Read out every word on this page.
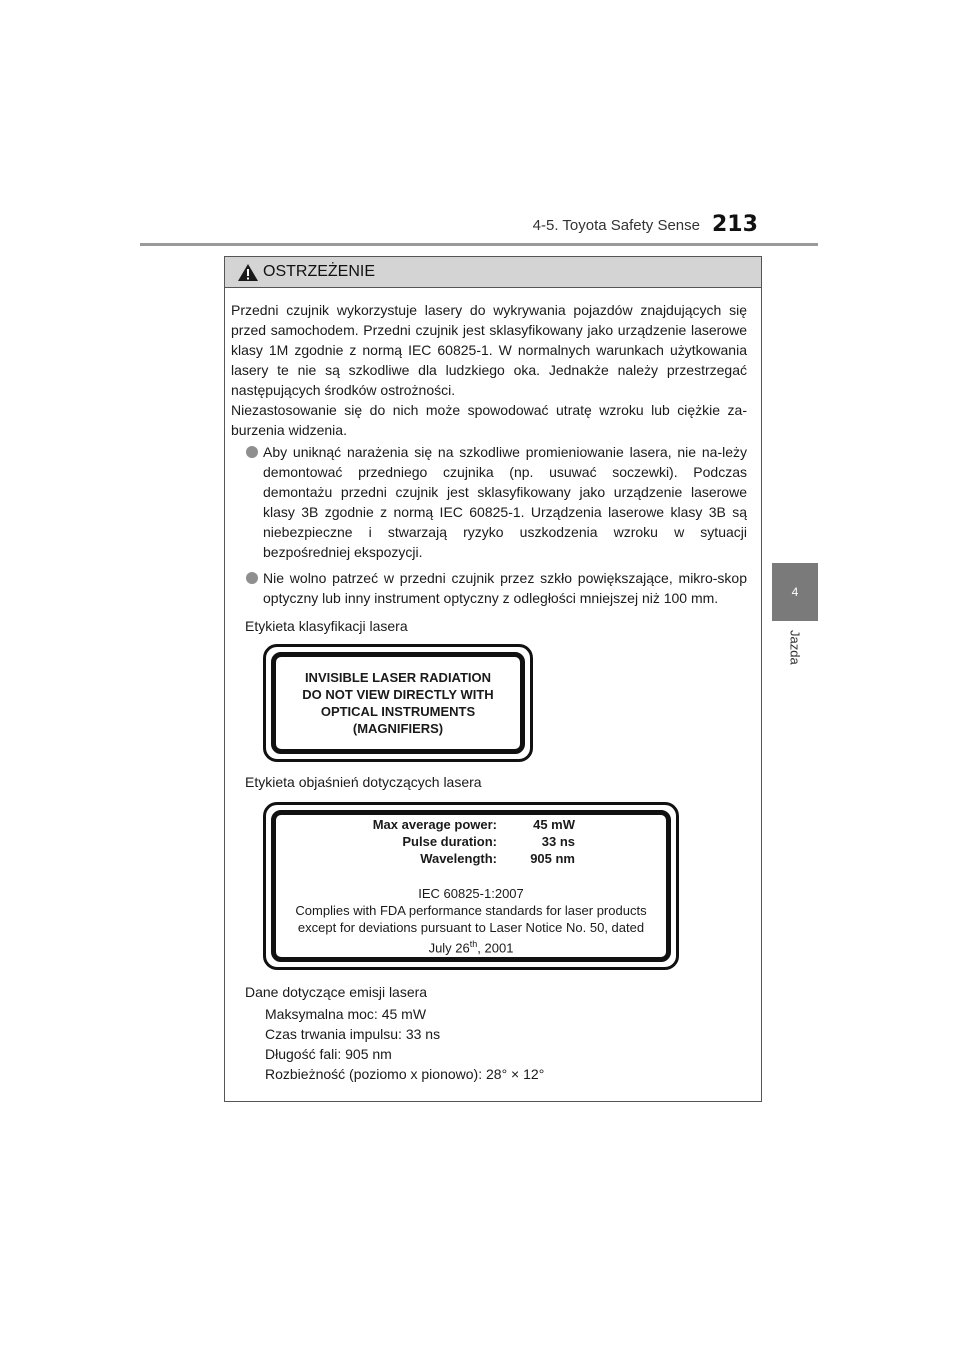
4-5. Toyota Safety Sense 213
4
Jazda
OSTRZEŻENIE

Przedni czujnik wykorzystuje lasery do wykrywania pojazdów znajdujących się przed samochodem. Przedni czujnik jest sklasyfikowany jako urządzenie laserowe klasy 1M zgodnie z normą IEC 60825-1. W normalnych warunkach użytkowania lasery te nie są szkodliwe dla ludzkiego oka. Jednakże należy przestrzegać następujących środków ostrożności.

Niezastosowanie się do nich może spowodować utratę wzroku lub ciężkie za-burzenia widzenia.

Aby uniknąć narażenia się na szkodliwe promieniowanie lasera, nie na-leży demontować przedniego czujnika (np. usuwać soczewki). Podczas demontażu przedni czujnik jest sklasyfikowany jako urządzenie laserowe klasy 3B zgodnie z normą IEC 60825-1. Urządzenia laserowe klasy 3B są niebezpieczne i stwarzają ryzyko uszkodzenia wzroku w sytuacji bezpośredniej ekspozycji.
Nie wolno patrzeć w przedni czujnik przez szkło powiększające, mikro-skop optyczny lub inny instrument optyczny z odległości mniejszej niż 100 mm.
Etykieta klasyfikacji lasera
INVISIBLE LASER RADIATION
DO NOT VIEW DIRECTLY WITH
OPTICAL INSTRUMENTS
(MAGNIFIERS)
Etykieta objaśnień dotyczących lasera
Max average power:	45 mW
Pulse duration:	33 ns
Wavelength:	905 nm
IEC 60825-1:2007
Complies with FDA performance standards for laser products
except for deviations pursuant to Laser Notice No. 50, dated
July 26th, 2001
Dane dotyczące emisji lasera
Maksymalna moc: 45 mW
Czas trwania impulsu: 33 ns
Długość fali: 905 nm
Rozbieżność (poziomo x pionowo): 28° × 12°
